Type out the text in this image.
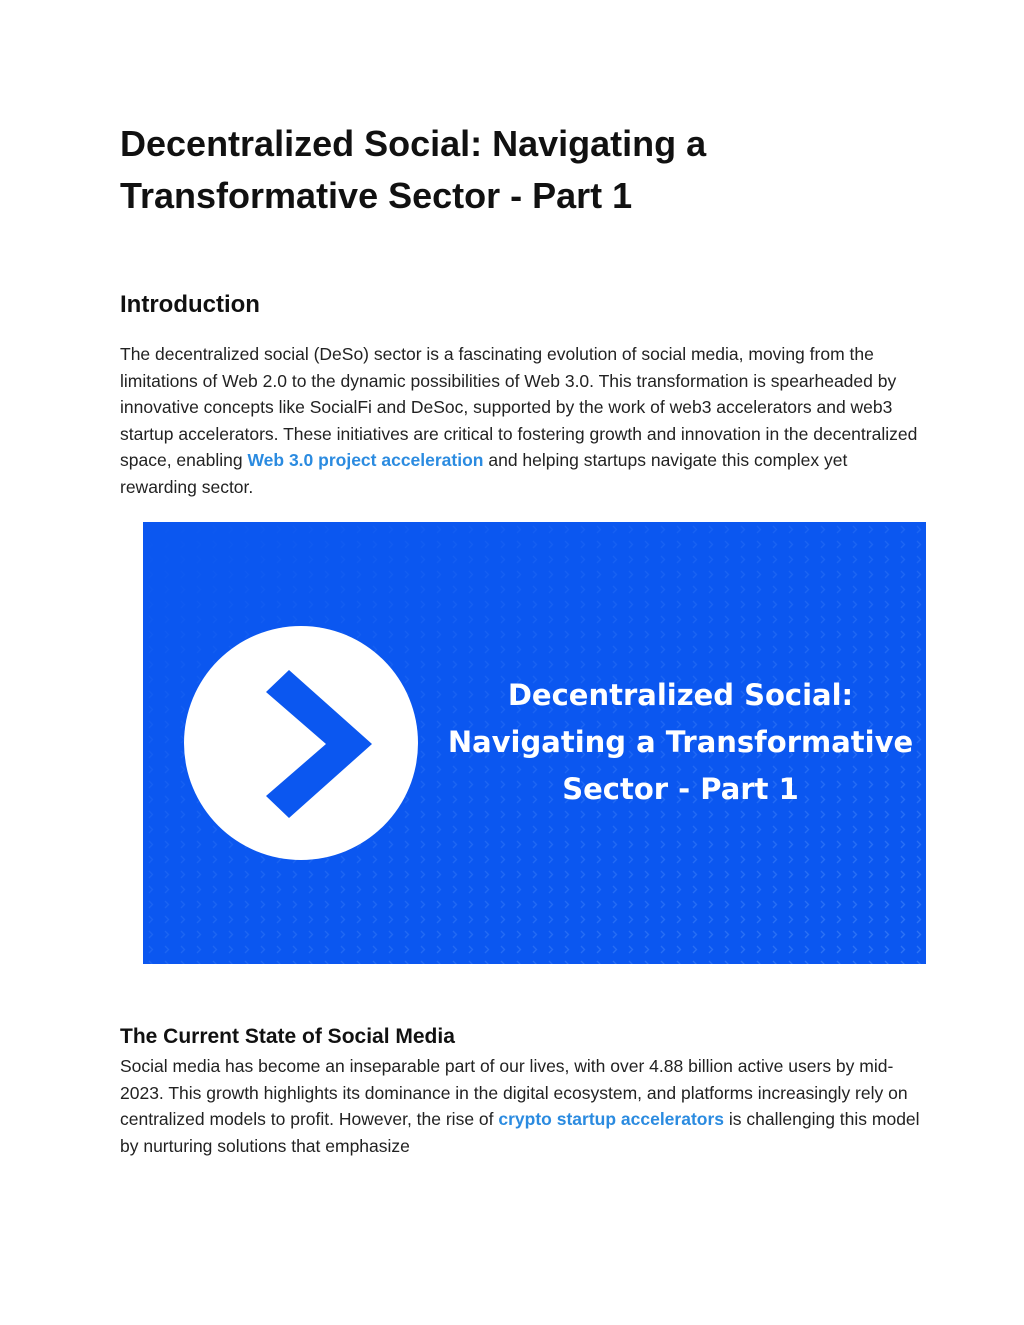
Decentralized Social: Navigating a Transformative Sector - Part 1
Introduction

The decentralized social (DeSo) sector is a fascinating evolution of social media, moving from the limitations of Web 2.0 to the dynamic possibilities of Web 3.0. This transformation is spearheaded by innovative concepts like SocialFi and DeSoc, supported by the work of web3 accelerators and web3 startup accelerators. These initiatives are critical to fostering growth and innovation in the decentralized space, enabling Web 3.0 project acceleration and helping startups navigate this complex yet rewarding sector.

Decentralized Social:
Navigating a Transformative
Sector - Part 1
The Current State of Social Media

Social media has become an inseparable part of our lives, with over 4.88 billion active users by mid-2023. This growth highlights its dominance in the digital ecosystem, and platforms increasingly rely on centralized models to profit. However, the rise of crypto startup accelerators is challenging this model by nurturing solutions that emphasize
